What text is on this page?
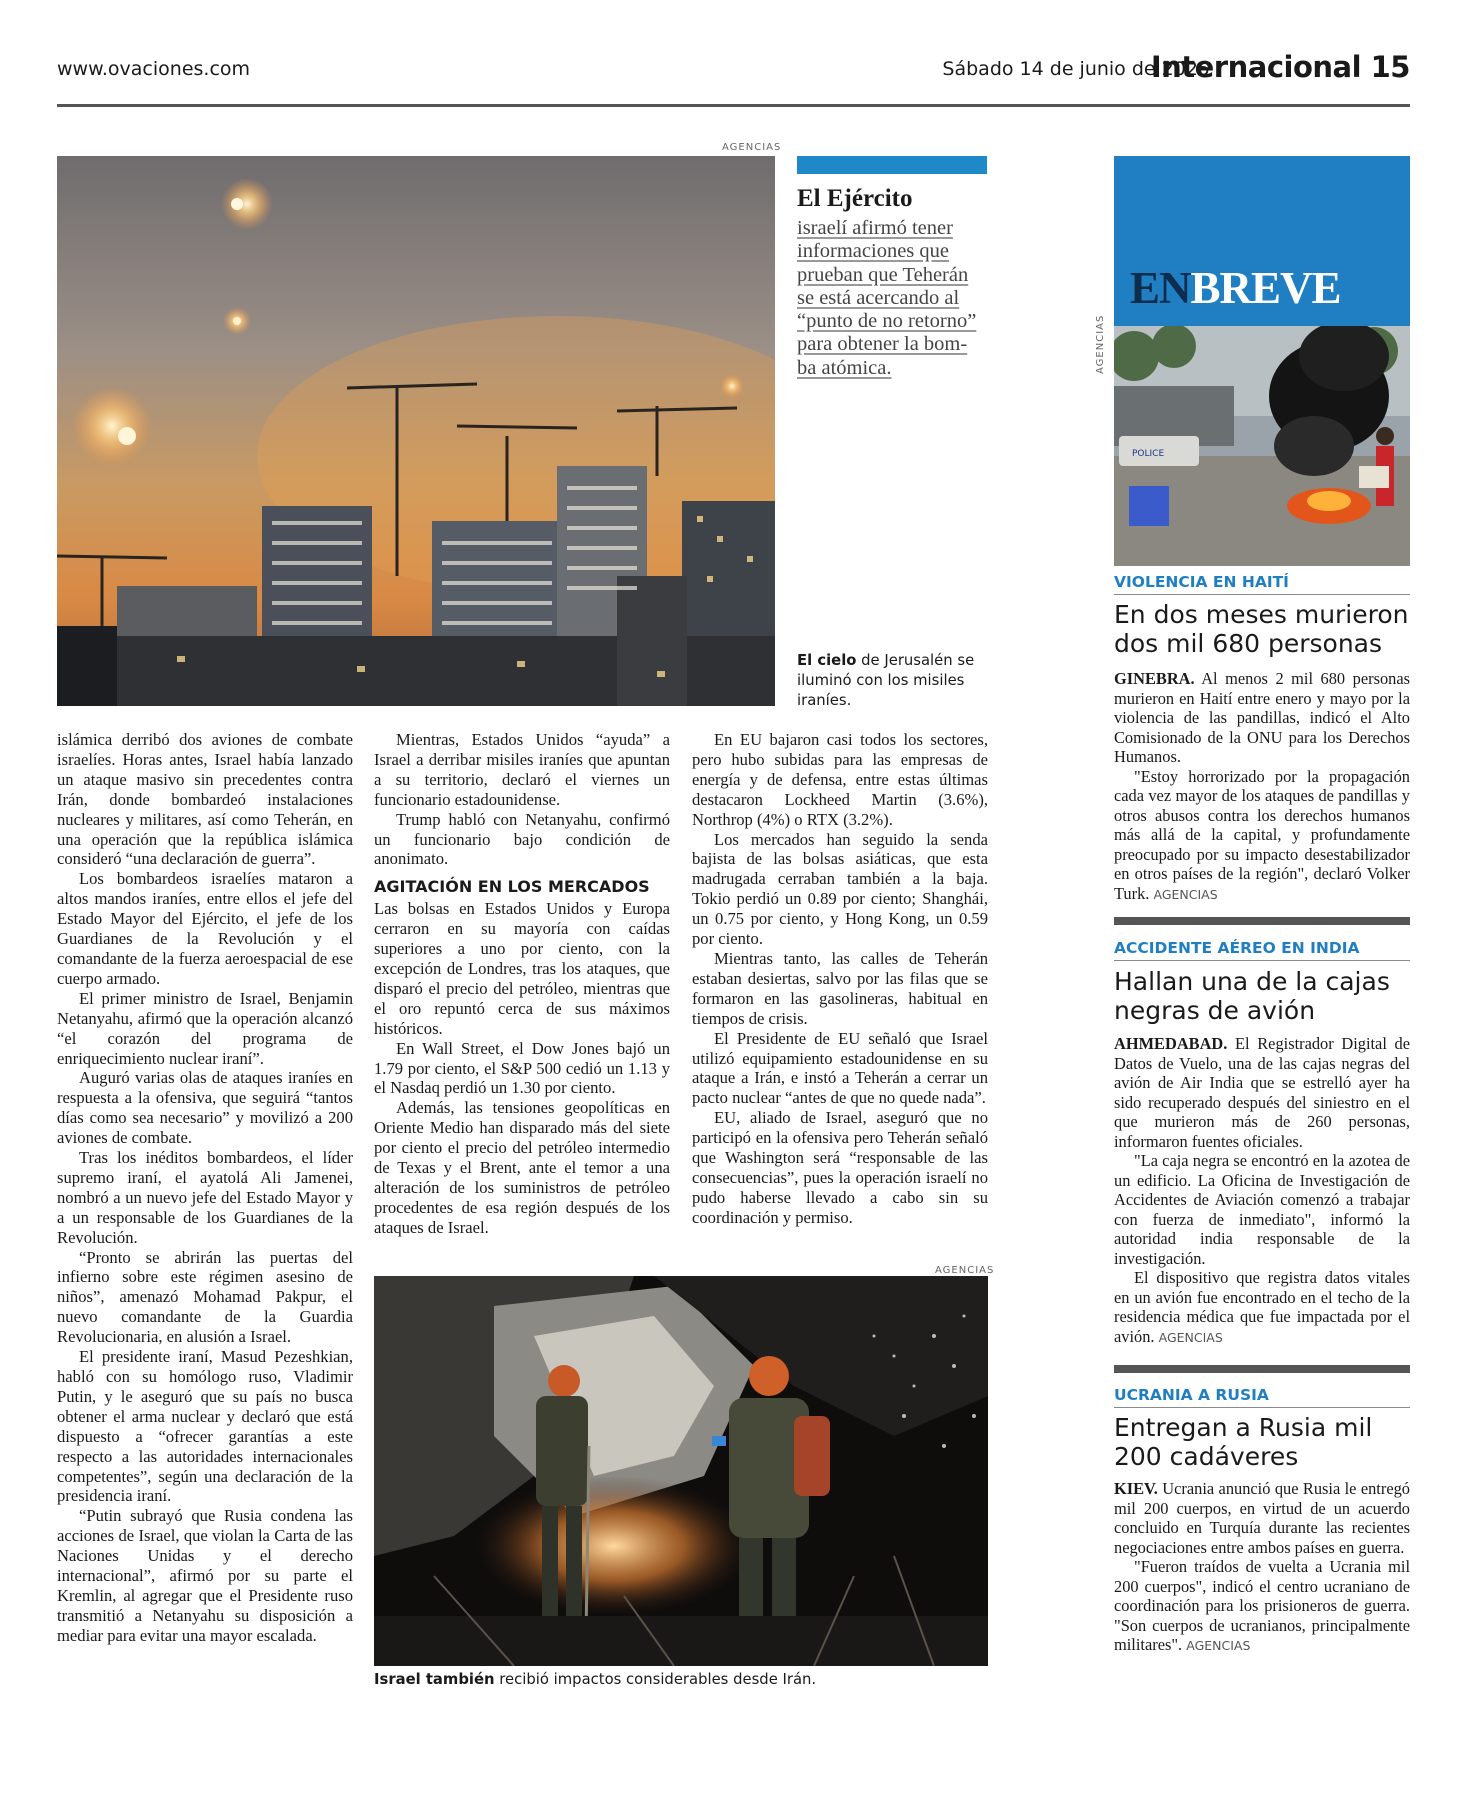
www.ovaciones.com	Sábado 14 de junio de 2025
Internacional 15
AGENCIAS
El Ejército
israelí afirmó tener
informaciones que
prueban que Teherán
se está acercando al
“punto de no retorno”
para obtener la bom-
ba atómica.
El cielo de Jerusalén se iluminó con los misiles iraníes.

islámica derribó dos aviones de combate israelíes. Horas antes, Israel había lanzado un ataque masivo sin precedentes contra Irán, donde bombardeó instalaciones nucleares y militares, así como Teherán, en una operación que la república islámica consideró “una declaración de guerra”.

Los bombardeos israelíes mataron a altos mandos iraníes, entre ellos el jefe del Estado Mayor del Ejército, el jefe de los Guardianes de la Revolución y el comandante de la fuerza aeroespacial de ese cuerpo armado.

El primer ministro de Israel, Benjamin Netanyahu, afirmó que la operación alcanzó “el corazón del programa de enriquecimiento nuclear iraní”.

Auguró varias olas de ataques iraníes en respuesta a la ofensiva, que seguirá “tantos días como sea necesario” y movilizó a 200 aviones de combate.

Tras los inéditos bombardeos, el líder supremo iraní, el ayatolá Ali Jamenei, nombró a un nuevo jefe del Estado Mayor y a un responsable de los Guardianes de la Revolución.

“Pronto se abrirán las puertas del infierno sobre este régimen asesino de niños”, amenazó Mohamad Pakpur, el nuevo comandante de la Guardia Revolucionaria, en alusión a Israel.

El presidente iraní, Masud Pezeshkian, habló con su homólogo ruso, Vladimir Putin, y le aseguró que su país no busca obtener el arma nuclear y declaró que está dispuesto a “ofrecer garantías a este respecto a las autoridades internacionales competentes”, según una declaración de la presidencia iraní.

“Putin subrayó que Rusia condena las acciones de Israel, que violan la Carta de las Naciones Unidas y el derecho internacional”, afirmó por su parte el Kremlin, al agregar que el Presidente ruso transmitió a Netanyahu su disposición a mediar para evitar una mayor escalada.

Mientras, Estados Unidos “ayuda” a Israel a derribar misiles iraníes que apuntan a su territorio, declaró el viernes un funcionario estadounidense.

Trump habló con Netanyahu, confirmó un funcionario bajo condición de anonimato.

AGITACIÓN EN LOS MERCADOS

Las bolsas en Estados Unidos y Europa cerraron en su mayoría con caídas superiores a uno por ciento, con la excepción de Londres, tras los ataques, que disparó el precio del petróleo, mientras que el oro repuntó cerca de sus máximos históricos.

En Wall Street, el Dow Jones bajó un 1.79 por ciento, el S&P 500 cedió un 1.13 y el Nasdaq perdió un 1.30 por ciento.

Además, las tensiones geopolíticas en Oriente Medio han disparado más del siete por ciento el precio del petróleo intermedio de Texas y el Brent, ante el temor a una alteración de los suministros de petróleo procedentes de esa región después de los ataques de Israel.

En EU bajaron casi todos los sectores, pero hubo subidas para las empresas de energía y de defensa, entre estas últimas destacaron Lockheed Martin (3.6%), Northrop (4%) o RTX (3.2%).

Los mercados han seguido la senda bajista de las bolsas asiáticas, que esta madrugada cerraban también a la baja. Tokio perdió un 0.89 por ciento; Shanghái, un 0.75 por ciento, y Hong Kong, un 0.59 por ciento.

Mientras tanto, las calles de Teherán estaban desiertas, salvo por las filas que se formaron en las gasolineras, habitual en tiempos de crisis.

El Presidente de EU señaló que Israel utilizó equipamiento estadounidense en su ataque a Irán, e instó a Teherán a cerrar un pacto nuclear “antes de que no quede nada”.

EU, aliado de Israel, aseguró que no participó en la ofensiva pero Teherán señaló que Washington será “responsable de las consecuencias”, pues la operación israelí no pudo haberse llevado a cabo sin su coordinación y permiso.

AGENCIAS
Israel también recibió impactos considerables desde Irán.
ENBREVE
AGENCIAS
POLICE
VIOLENCIA EN HAITÍ
En dos meses murieron dos mil 680 personas

GINEBRA. Al menos 2 mil 680 personas murieron en Haití entre enero y mayo por la violencia de las pandillas, indicó el Alto Comisionado de la ONU para los Derechos Humanos.

"Estoy horrorizado por la propagación cada vez mayor de los ataques de pandillas y otros abusos contra los derechos humanos más allá de la capital, y profundamente preocupado por su impacto desestabilizador en otros países de la región", declaró Volker Turk. AGENCIAS

ACCIDENTE AÉREO EN INDIA
Hallan una de la cajas negras de avión

AHMEDABAD. El Registrador Digital de Datos de Vuelo, una de las cajas negras del avión de Air India que se estrelló ayer ha sido recuperado después del siniestro en el que murieron más de 260 personas, informaron fuentes oficiales.

"La caja negra se encontró en la azotea de un edificio. La Oficina de Investigación de Accidentes de Aviación comenzó a trabajar con fuerza de inmediato", informó la autoridad india responsable de la investigación.

El dispositivo que registra datos vitales en un avión fue encontrado en el techo de la residencia médica que fue impactada por el avión. AGENCIAS

UCRANIA A RUSIA
Entregan a Rusia mil 200 cadáveres

KIEV. Ucrania anunció que Rusia le entregó mil 200 cuerpos, en virtud de un acuerdo concluido en Turquía durante las recientes negociaciones entre ambos países en guerra.

"Fueron traídos de vuelta a Ucrania mil 200 cuerpos", indicó el centro ucraniano de coordinación para los prisioneros de guerra. "Son cuerpos de ucranianos, principalmente militares". AGENCIAS
